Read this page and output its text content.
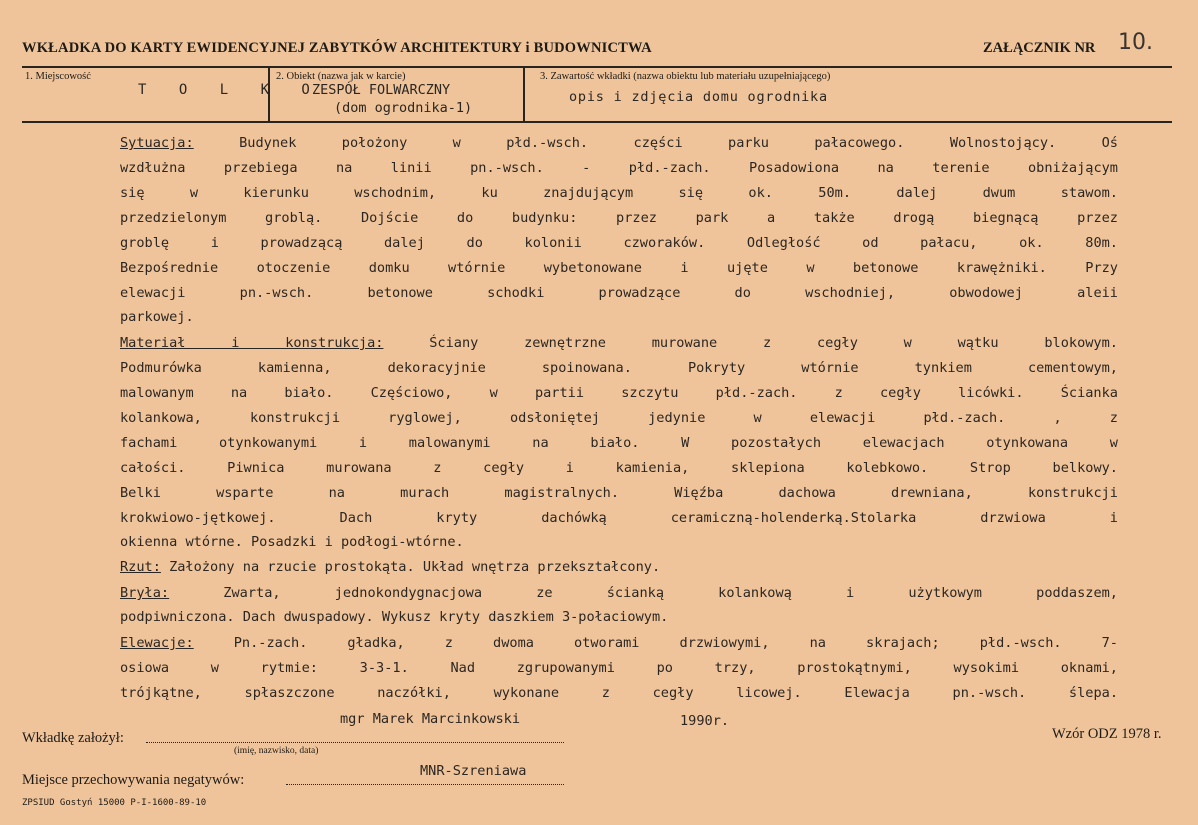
WKŁADKA DO KARTY EWIDENCYJNEJ ZABYTKÓW ARCHITEKTURY i BUDOWNICTWA	ZAŁĄCZNIK NR 10.
1. Miejscowość
T O L K O
2. Obiekt (nazwa jak w karcie)
ZESPÓŁ FOLWARCZNY
(dom ogrodnika-1)
3. Zawartość wkładki (nazwa obiektu lub materiału uzupełniającego)
opis i zdjęcia domu ogrodnika
Sytuacja: Budynek położony w płd.-wsch. części parku pałacowego. Wolnostojący. Oś
wzdłużna przebiega na linii pn.-wsch. - płd.-zach. Posadowiona na terenie obniżającym
się w kierunku wschodnim, ku znajdującym się ok. 50m. dalej dwum stawom.
przedzielonym groblą. Dojście do budynku: przez park a także drogą biegnącą przez
groblę i prowadzącą dalej do kolonii czworaków. Odległość od pałacu, ok. 80m.
Bezpośrednie otoczenie domku wtórnie wybetonowane i ujęte w betonowe krawężniki. Przy
elewacji pn.-wsch. betonowe schodki prowadzące do wschodniej, obwodowej aleii
parkowej.
Materiał i konstrukcja: Ściany zewnętrzne murowane z cegły w wątku blokowym.
Podmurówka kamienna, dekoracyjnie spoinowana. Pokryty wtórnie tynkiem cementowym,
malowanym na biało. Częściowo, w partii szczytu płd.-zach. z cegły licówki. Ścianka
kolankowa, konstrukcji ryglowej, odsłoniętej jedynie w elewacji płd.-zach. , z
fachami otynkowanymi i malowanymi na biało. W pozostałych elewacjach otynkowana w
całości. Piwnica murowana z cegły i kamienia, sklepiona kolebkowo. Strop belkowy.
Belki wsparte na murach magistralnych. Więźba dachowa drewniana, konstrukcji
krokwiowo-jętkowej. Dach kryty dachówką ceramiczną-holenderką.Stolarka drzwiowa i
okienna wtórne. Posadzki i podłogi-wtórne.
Rzut: Założony na rzucie prostokąta. Układ wnętrza przekształcony.
Bryła: Zwarta, jednokondygnacjowa ze ścianką kolankową i użytkowym poddaszem,
podpiwniczona. Dach dwuspadowy. Wykusz kryty daszkiem 3-połaciowym.
Elewacje: Pn.-zach. gładka, z dwoma otworami drzwiowymi, na skrajach; płd.-wsch. 7-
osiowa w rytmie: 3-3-1. Nad zgrupowanymi po trzy, prostokątnymi, wysokimi oknami,
trójkątne, spłaszczone naczółki, wykonane z cegły licowej. Elewacja pn.-wsch. ślepa.
mgr Marek Marcinkowski	1990r.
Wkładkę założył:
(imię, nazwisko, data)
Wzór ODZ 1978 r.
MNR-Szreniawa
Miejsce przechowywania negatywów:
ZPSIUD Gostyń 15000 P-I-1600-89-10
